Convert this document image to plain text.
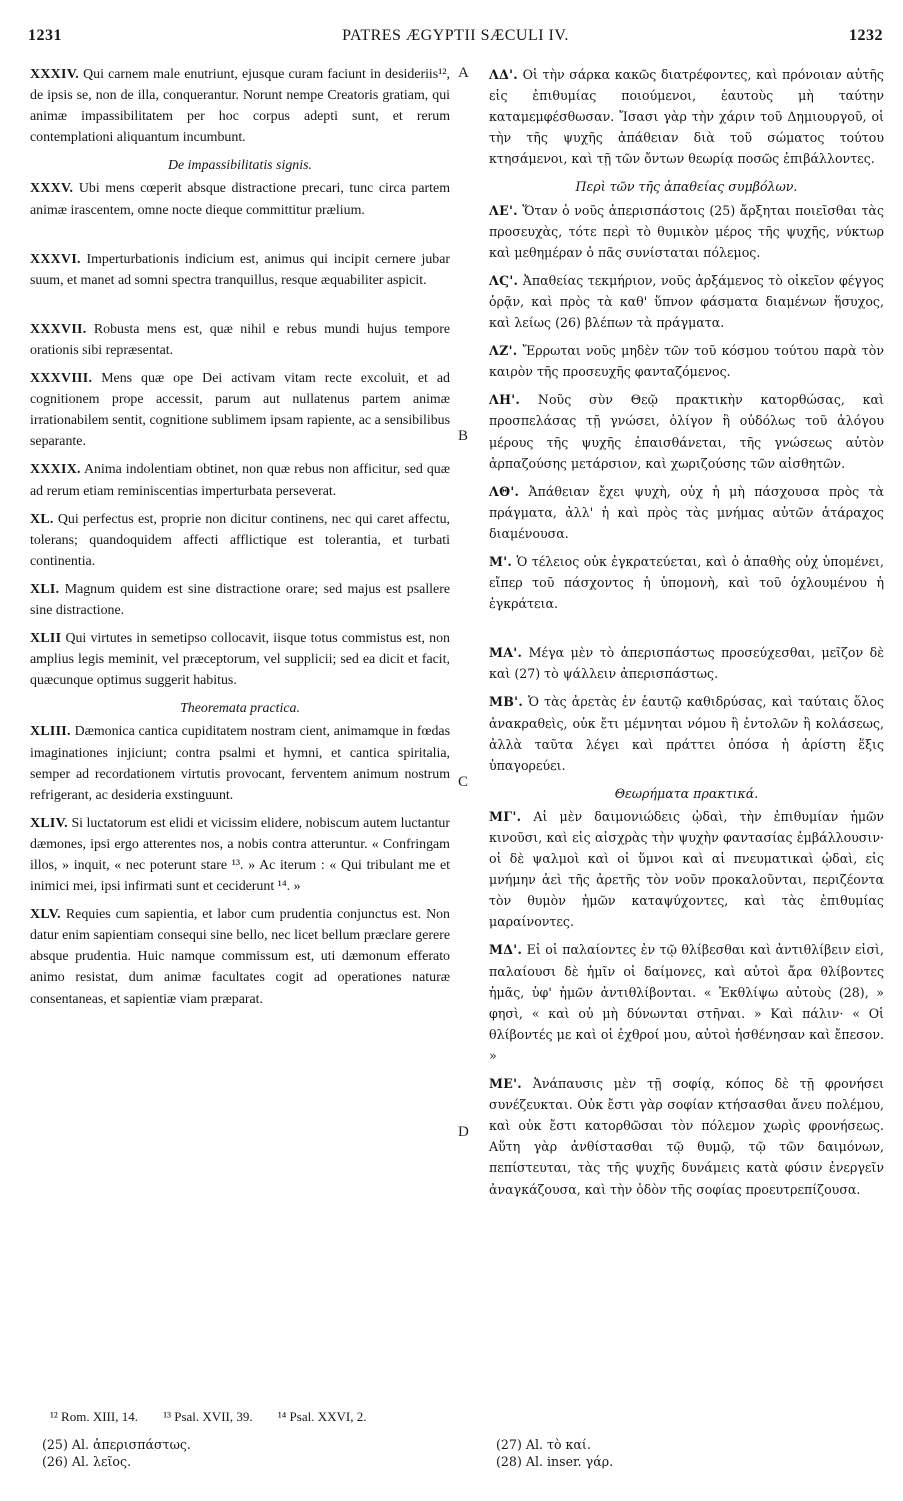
1231	PATRES ÆGYPTII SÆCULI IV.	1232
A
B
C
D

XXXIV. Qui carnem male enutriunt, ejusque curam faciunt in desideriis¹², de ipsis se, non de illa, conquerantur. Norunt nempe Creatoris gratiam, qui animæ impassibilitatem per hoc corpus adepti sunt, et rerum contemplationi aliquantum incumbunt.

De impassibilitatis signis.

XXXV. Ubi mens cœperit absque distractione precari, tunc circa partem animæ irascentem, omne nocte dieque committitur prælium.

XXXVI. Imperturbationis indicium est, animus qui incipit cernere jubar suum, et manet ad somni spectra tranquillus, resque æquabiliter aspicit.

XXXVII. Robusta mens est, quæ nihil e rebus mundi hujus tempore orationis sibi repræsentat.

XXXVIII. Mens quæ ope Dei activam vitam recte excoluit, et ad cognitionem prope accessit, parum aut nullatenus partem animæ irrationabilem sentit, cognitione sublimem ipsam rapiente, ac a sensibilibus separante.

XXXIX. Anima indolentiam obtinet, non quæ rebus non afficitur, sed quæ ad rerum etiam reminiscentias imperturbata perseverat.

XL. Qui perfectus est, proprie non dicitur continens, nec qui caret affectu, tolerans; quandoquidem affecti afflictique est tolerantia, et turbati continentia.

XLI. Magnum quidem est sine distractione orare; sed majus est psallere sine distractione.

XLII Qui virtutes in semetipso collocavit, iisque totus commistus est, non amplius legis meminit, vel præceptorum, vel supplicii; sed ea dicit et facit, quæcunque optimus suggerit habitus.

Theoremata practica.

XLIII. Dæmonica cantica cupiditatem nostram cient, animamque in fœdas imaginationes injiciunt; contra psalmi et hymni, et cantica spiritalia, semper ad recordationem virtutis provocant, ferventem animum nostrum refrigerant, ac desideria exstinguunt.

XLIV. Si luctatorum est elidi et vicissim elidere, nobiscum autem luctantur dæmones, ipsi ergo atterentes nos, a nobis contra atteruntur. « Confringam illos, » inquit, « nec poterunt stare ¹³. » Ac iterum : « Qui tribulant me et inimici mei, ipsi infirmati sunt et ceciderunt ¹⁴. »

XLV. Requies cum sapientia, et labor cum prudentia conjunctus est. Non datur enim sapientiam consequi sine bello, nec licet bellum præclare gerere absque prudentia. Huic namque commissum est, uti dæmonum efferato animo resistat, dum animæ facultates cogit ad operationes naturæ consentaneas, et sapientiæ viam præparat.

ΛΔ'. Οἱ τὴν σάρκα κακῶς διατρέφοντες, καὶ πρόνοιαν αὐτῆς εἰς ἐπιθυμίας ποιούμενοι, ἑαυτοὺς μὴ ταύτην καταμεμφέσθωσαν. Ἴσασι γὰρ τὴν χάριν τοῦ Δημιουργοῦ, οἱ τὴν τῆς ψυχῆς ἀπάθειαν διὰ τοῦ σώματος τούτου κτησάμενοι, καὶ τῇ τῶν ὄντων θεωρίᾳ ποσῶς ἐπιβάλλοντες.

Περὶ τῶν τῆς ἀπαθείας συμβόλων.

ΛΕ'. Ὅταν ὁ νοῦς ἀπερισπάστοις (25) ἄρξηται ποιεῖσθαι τὰς προσευχὰς, τότε περὶ τὸ θυμικὸν μέρος τῆς ψυχῆς, νύκτωρ καὶ μεθημέραν ὁ πᾶς συνίσταται πόλεμος.

ΛϚ'. Ἀπαθείας τεκμήριον, νοῦς ἀρξάμενος τὸ οἰκεῖον φέγγος ὁρᾷν, καὶ πρὸς τὰ καθ' ὕπνον φάσματα διαμένων ἥσυχος, καὶ λείως (26) βλέπων τὰ πράγματα.

ΛΖ'. Ἔρρωται νοῦς μηδὲν τῶν τοῦ κόσμου τούτου παρὰ τὸν καιρὸν τῆς προσευχῆς φανταζόμενος.

ΛΗ'. Νοῦς σὺν Θεῷ πρακτικὴν κατορθώσας, καὶ προσπελάσας τῇ γνώσει, ὀλίγον ἢ οὐδόλως τοῦ ἀλόγου μέρους τῆς ψυχῆς ἐπαισθάνεται, τῆς γνώσεως αὐτὸν ἁρπαζούσης μετάρσιον, καὶ χωριζούσης τῶν αἰσθητῶν.

ΛΘ'. Ἀπάθειαν ἔχει ψυχὴ, οὐχ ἡ μὴ πάσχουσα πρὸς τὰ πράγματα, ἀλλ' ἡ καὶ πρὸς τὰς μνήμας αὐτῶν ἀτάραχος διαμένουσα.

Μ'. Ὁ τέλειος οὐκ ἐγκρατεύεται, καὶ ὁ ἀπαθὴς οὐχ ὑπομένει, εἴπερ τοῦ πάσχοντος ἡ ὑπομονὴ, καὶ τοῦ ὀχλουμένου ἡ ἐγκράτεια.

ΜΑ'. Μέγα μὲν τὸ ἀπερισπάστως προσεύχεσθαι, μεῖζον δὲ καὶ (27) τὸ ψάλλειν ἀπερισπάστως.

ΜΒ'. Ὁ τὰς ἀρετὰς ἐν ἑαυτῷ καθιδρύσας, καὶ ταύταις ὅλος ἀνακραθεὶς, οὐκ ἔτι μέμνηται νόμου ἢ ἐντολῶν ἢ κολάσεως, ἀλλὰ ταῦτα λέγει καὶ πράττει ὁπόσα ἡ ἀρίστη ἕξις ὑπαγορεύει.

Θεωρήματα πρακτικά.

ΜΓ'. Αἱ μὲν δαιμονιώδεις ᾠδαὶ, τὴν ἐπιθυμίαν ἡμῶν κινοῦσι, καὶ εἰς αἰσχρὰς τὴν ψυχὴν φαντασίας ἐμβάλλουσιν· οἱ δὲ ψαλμοὶ καὶ οἱ ὕμνοι καὶ αἱ πνευματικαὶ ᾠδαὶ, εἰς μνήμην ἀεὶ τῆς ἀρετῆς τὸν νοῦν προκαλοῦνται, περιζέοντα τὸν θυμὸν ἡμῶν καταψύχοντες, καὶ τὰς ἐπιθυμίας μαραίνοντες.

ΜΔ'. Εἰ οἱ παλαίοντες ἐν τῷ θλίβεσθαι καὶ ἀντιθλίβειν εἰσὶ, παλαίουσι δὲ ἡμῖν οἱ δαίμονες, καὶ αὐτοὶ ἄρα θλίβοντες ἡμᾶς, ὑφ' ἡμῶν ἀντιθλίβονται. « Ἐκθλίψω αὐτοὺς (28), » φησὶ, « καὶ οὐ μὴ δύνωνται στῆναι. » Καὶ πάλιν· « Οἱ θλίβοντές με καὶ οἱ ἐχθροί μου, αὐτοὶ ἠσθένησαν καὶ ἔπεσον. »

ΜΕ'. Ἀνάπαυσις μὲν τῇ σοφίᾳ, κόπος δὲ τῇ φρονήσει συνέζευκται. Οὐκ ἔστι γὰρ σοφίαν κτήσασθαι ἄνευ πολέμου, καὶ οὐκ ἔστι κατορθῶσαι τὸν πόλεμον χωρὶς φρονήσεως. Αὕτη γὰρ ἀνθίστασθαι τῷ θυμῷ, τῷ τῶν δαιμόνων, πεπίστευται, τὰς τῆς ψυχῆς δυνάμεις κατὰ φύσιν ἐνεργεῖν ἀναγκάζουσα, καὶ τὴν ὁδὸν τῆς σοφίας προευτρεπίζουσα.

¹² Rom. XIII, 14. ¹³ Psal. XVII, 39. ¹⁴ Psal. XXVI, 2.
(25) Al. ἀπερισπάστως.
(26) Al. λεῖος.
(27) Al. τὸ καί.
(28) Al. inser. γάρ.
